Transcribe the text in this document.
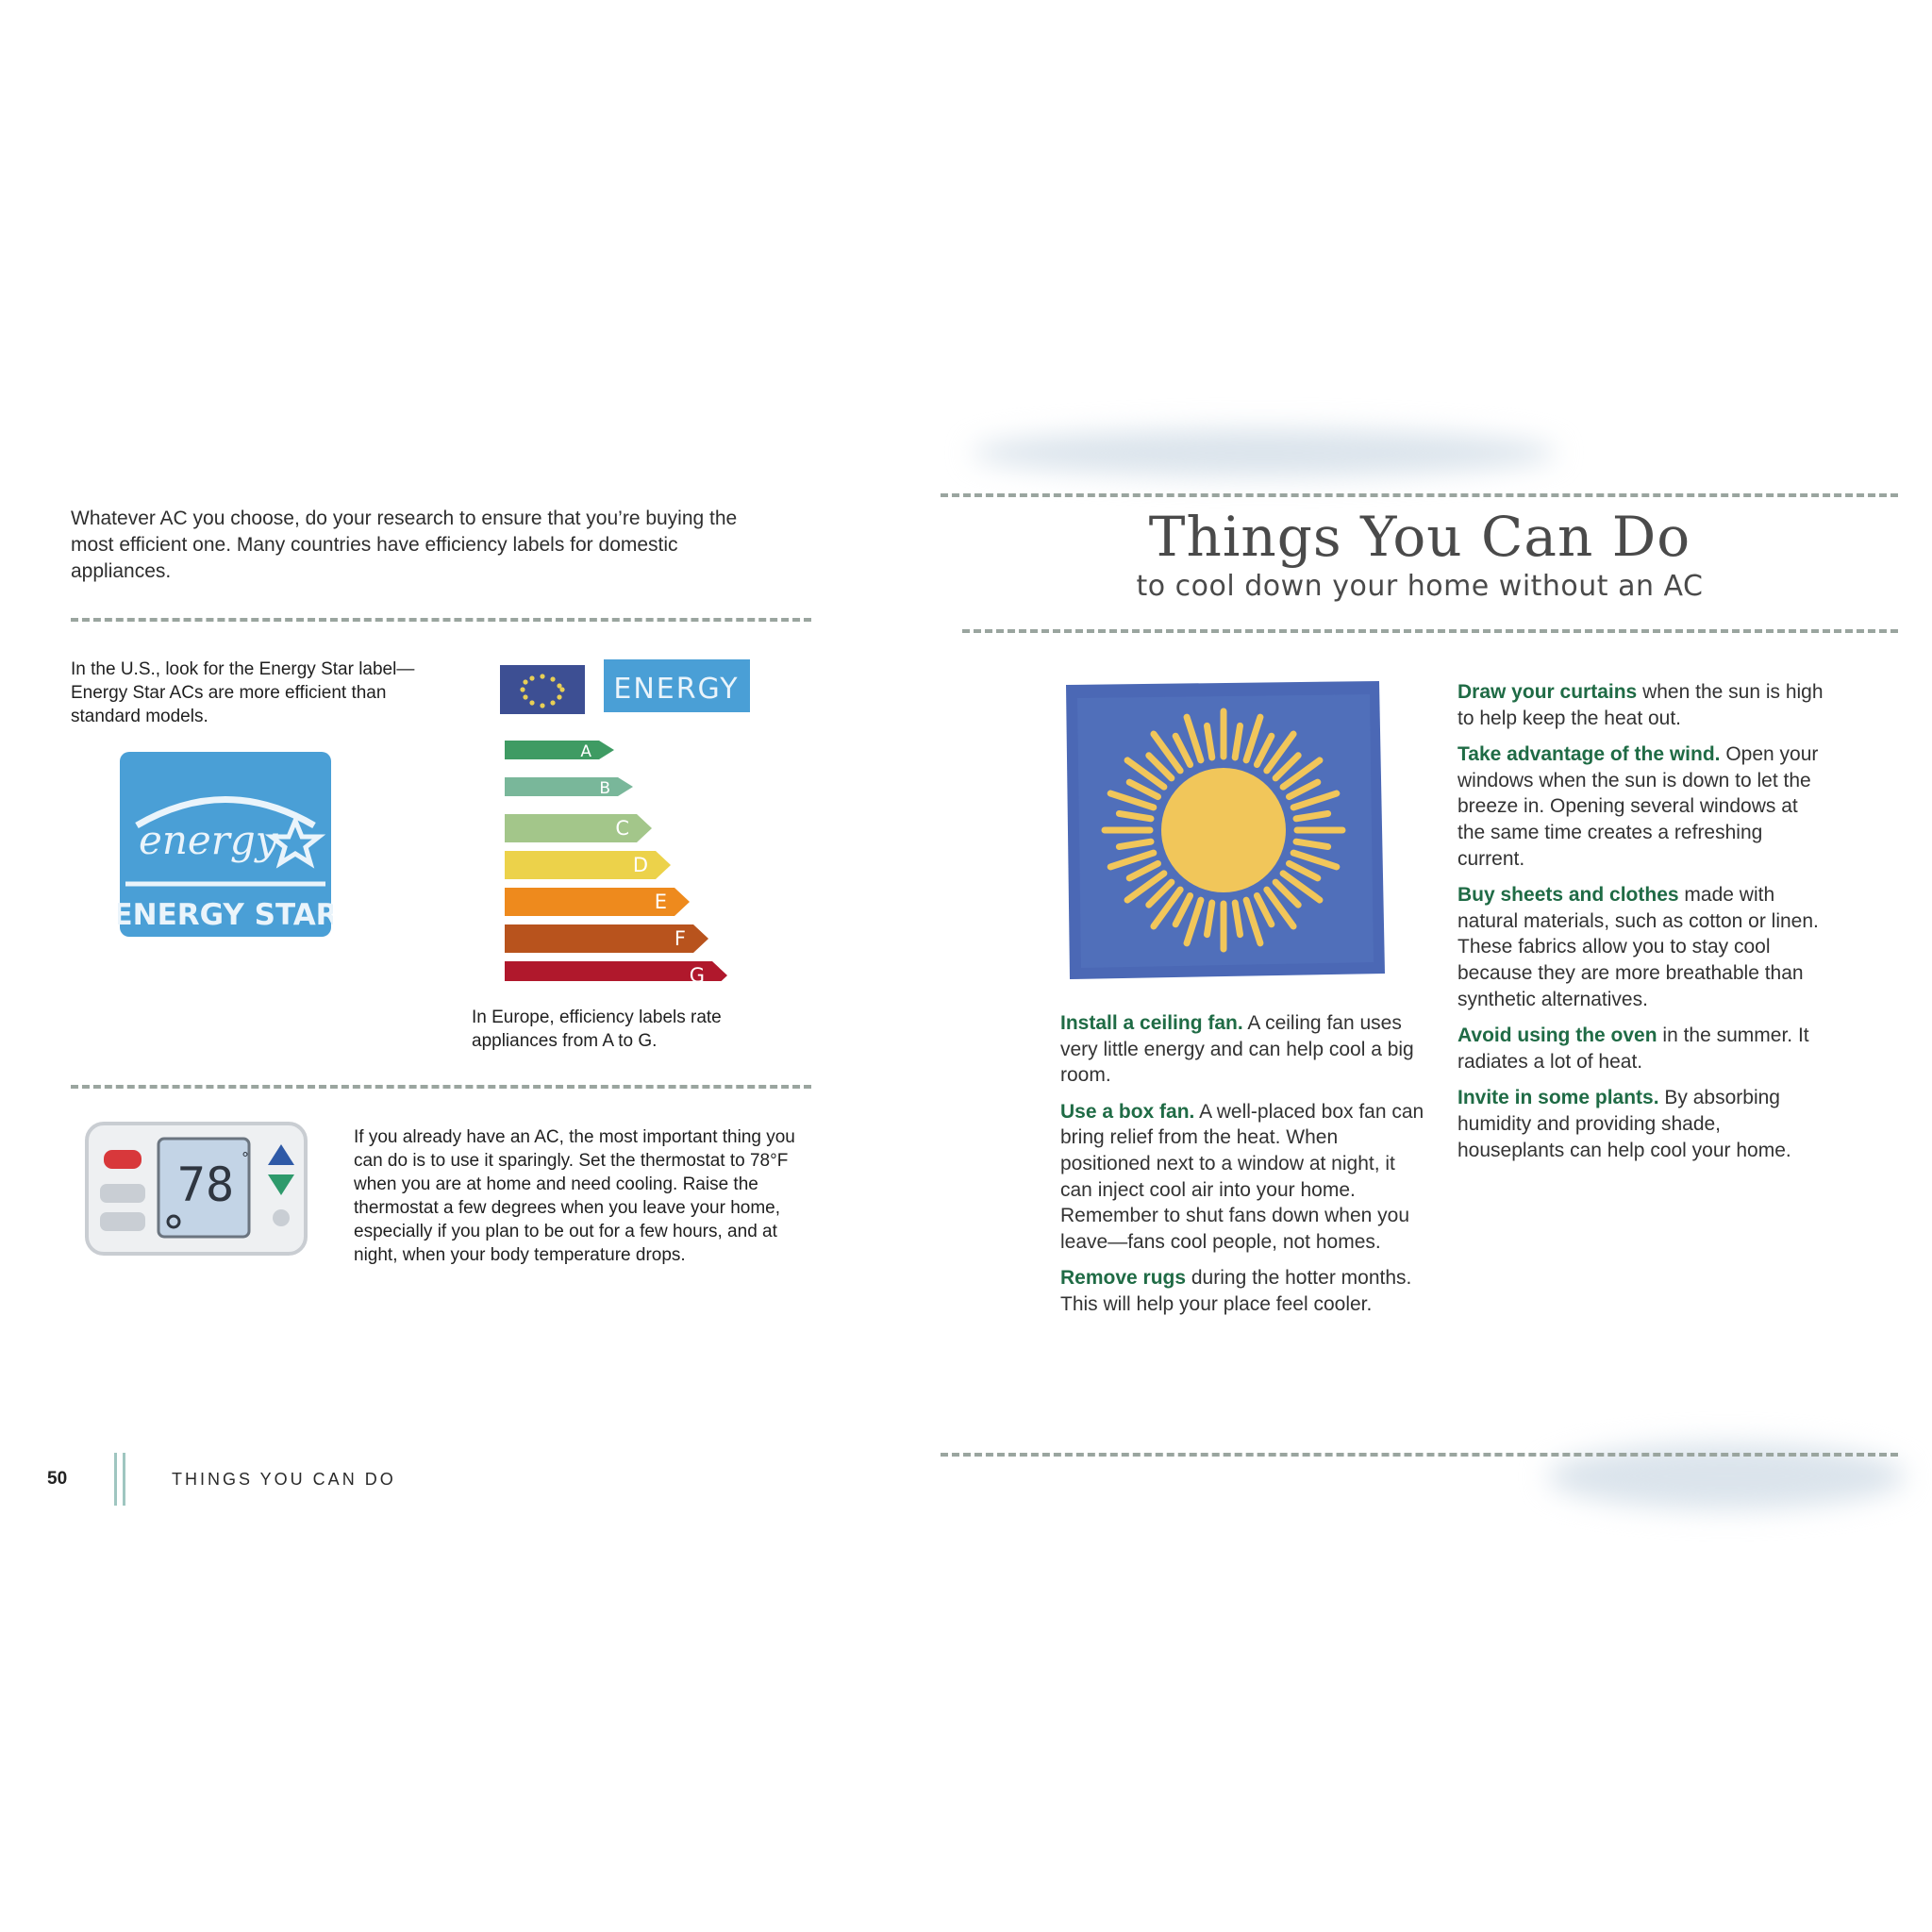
Whatever AC you choose, do your research to ensure that you’re buying the most efficient one. Many countries have efficiency labels for domestic appliances.
In the U.S., look for the Energy Star label—Energy Star ACs are more efficient than standard models.
energy
ENERGY STAR
ENERGY
A
B
C
D
E
F
G
In Europe, efficiency labels rate appliances from A to G.
78 °
If you already have an AC, the most important thing you can do is to use it sparingly. Set the thermostat to 78°F when you are at home and need cooling. Raise the thermostat a few degrees when you leave your home, especially if you plan to be out for a few hours, and at night, when your body temperature drops.
50	THINGS YOU CAN DO
Things You Can Do
to cool down your home without an AC

Install a ceiling fan. A ceiling fan uses very little energy and can help cool a big room.

Use a box fan. A well-placed box fan can bring relief from the heat. When positioned next to a window at night, it can inject cool air into your home. Remember to shut fans down when you leave—fans cool people, not homes.

Remove rugs during the hotter months. This will help your place feel cooler.

Draw your curtains when the sun is high to help keep the heat out.

Take advantage of the wind. Open your windows when the sun is down to let the breeze in. Opening several windows at the same time creates a refreshing current.

Buy sheets and clothes made with natural materials, such as cotton or linen. These fabrics allow you to stay cool because they are more breathable than synthetic alternatives.

Avoid using the oven in the summer. It radiates a lot of heat.

Invite in some plants. By absorbing humidity and providing shade, houseplants can help cool your home.
